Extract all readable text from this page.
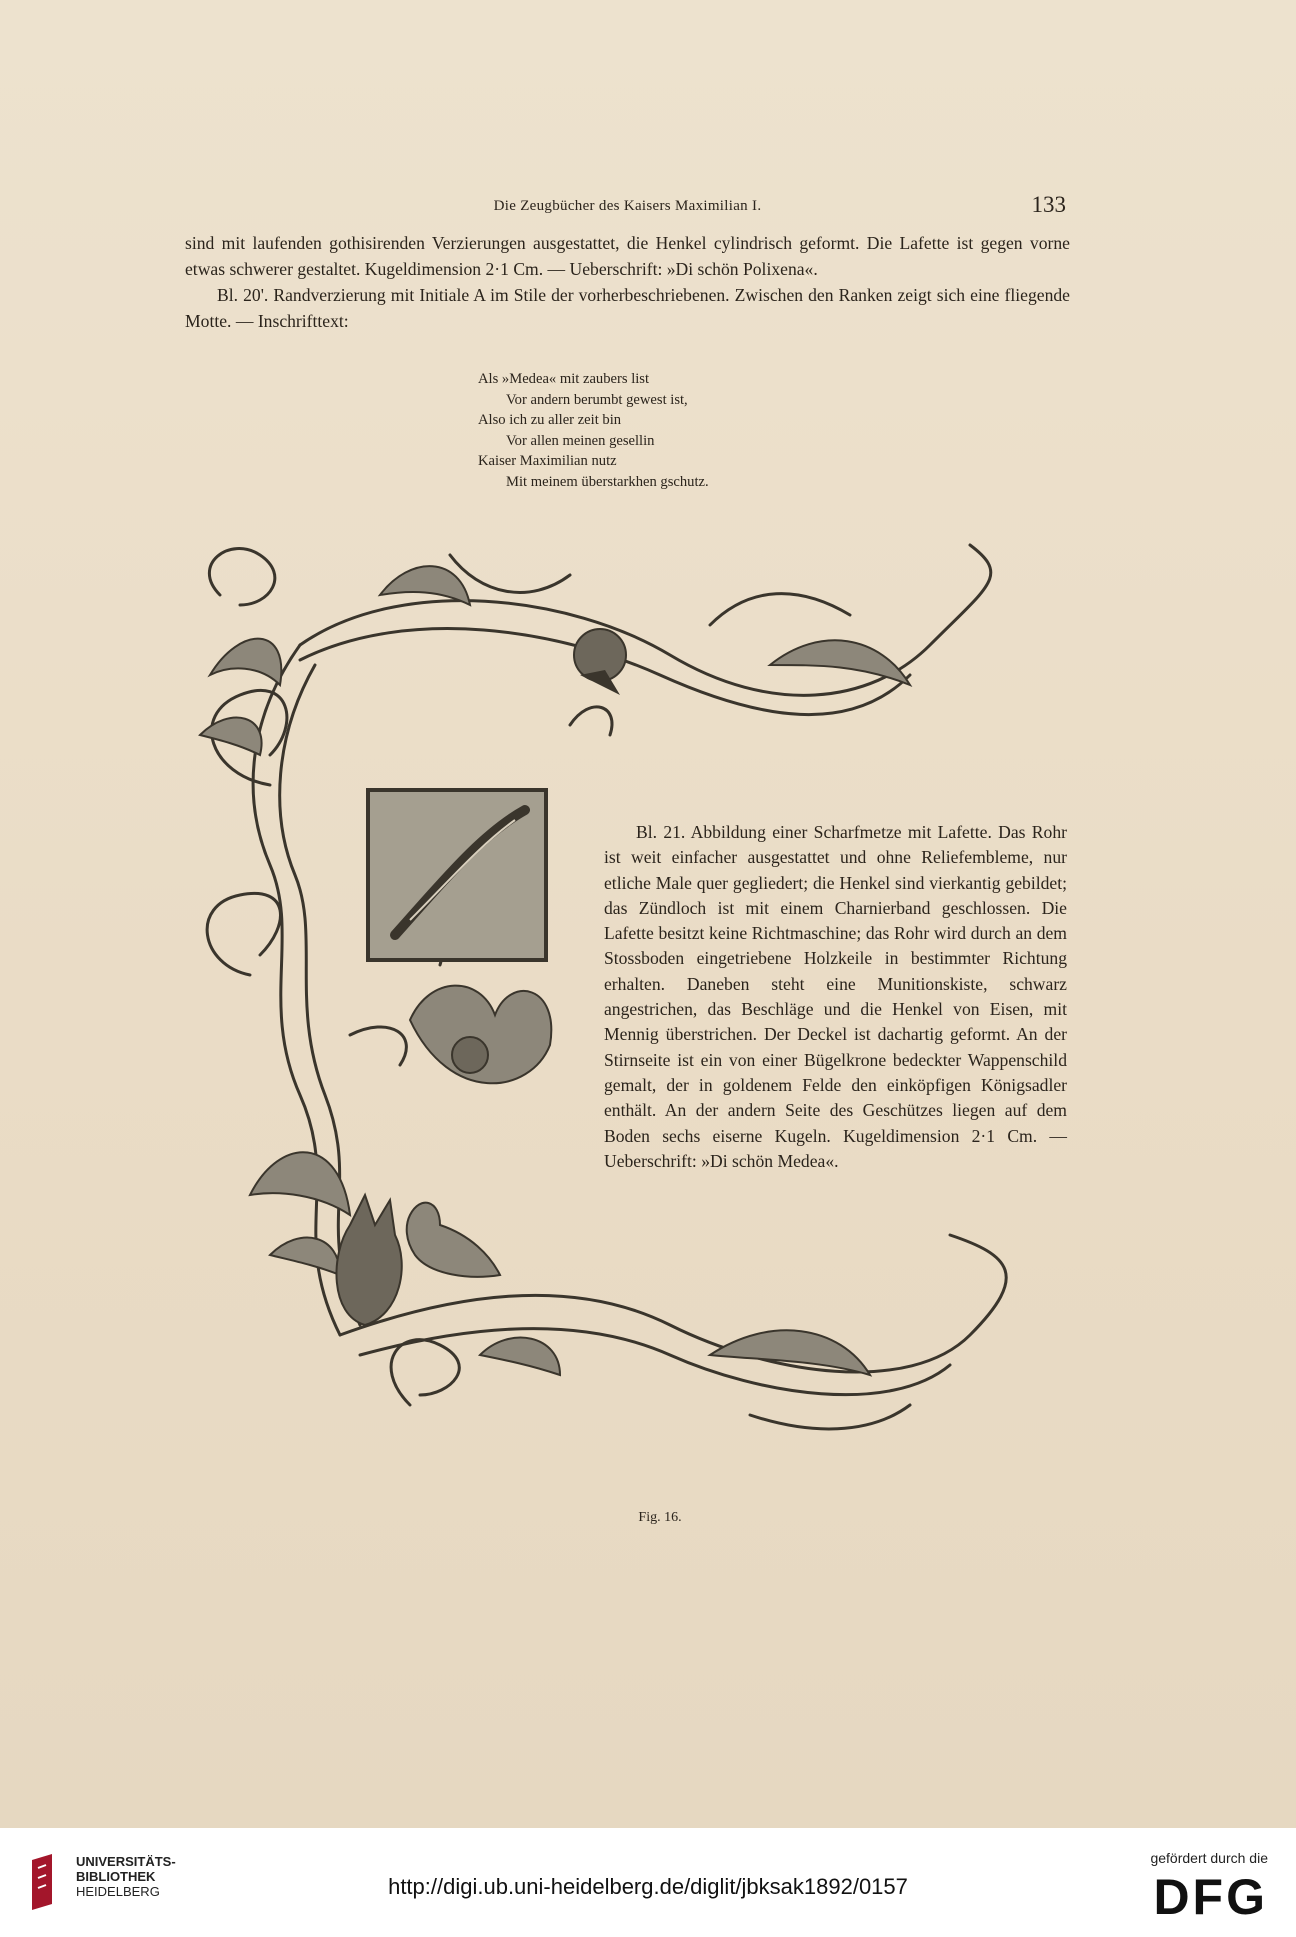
Die Zeugbücher des Kaisers Maximilian I.	133

sind mit laufenden gothisirenden Verzierungen ausgestattet, die Henkel cylindrisch geformt. Die Lafette ist gegen vorne etwas schwerer gestaltet. Kugeldimension 2·1 Cm. — Ueberschrift: »Di schön Polixena«.

Bl. 20'. Randverzierung mit Initiale A im Stile der vorherbeschriebenen. Zwischen den Ranken zeigt sich eine fliegende Motte. — Inschrifttext:

Als »Medea« mit zaubers list
Vor andern berumbt gewest ist,
Also ich zu aller zeit bin
Vor allen meinen gesellin
Kaiser Maximilian nutz
Mit meinem überstarkhen gschutz.

Bl. 21. Abbildung einer Scharfmetze mit Lafette. Das Rohr ist weit einfacher ausgestattet und ohne Reliefembleme, nur etliche Male quer gegliedert; die Henkel sind vierkantig gebildet; das Zündloch ist mit einem Charnierband geschlossen. Die Lafette besitzt keine Richtmaschine; das Rohr wird durch an dem Stossboden eingetriebene Holzkeile in bestimmter Richtung erhalten. Daneben steht eine Munitionskiste, schwarz angestrichen, das Beschläge und die Henkel von Eisen, mit Mennig überstrichen. Der Deckel ist dachartig geformt. An der Stirnseite ist ein von einer Bügelkrone bedeckter Wappenschild gemalt, der in goldenem Felde den einköpfigen Königsadler enthält. An der andern Seite des Geschützes liegen auf dem Boden sechs eiserne Kugeln. Kugeldimension 2·1 Cm. — Ueberschrift: »Di schön Medea«.

Fig. 16.
UNIVERSITÄTS-
BIBLIOTHEK
HEIDELBERG	http://digi.ub.uni-heidelberg.de/diglit/jbksak1892/0157
gefördert durch die
DFG
